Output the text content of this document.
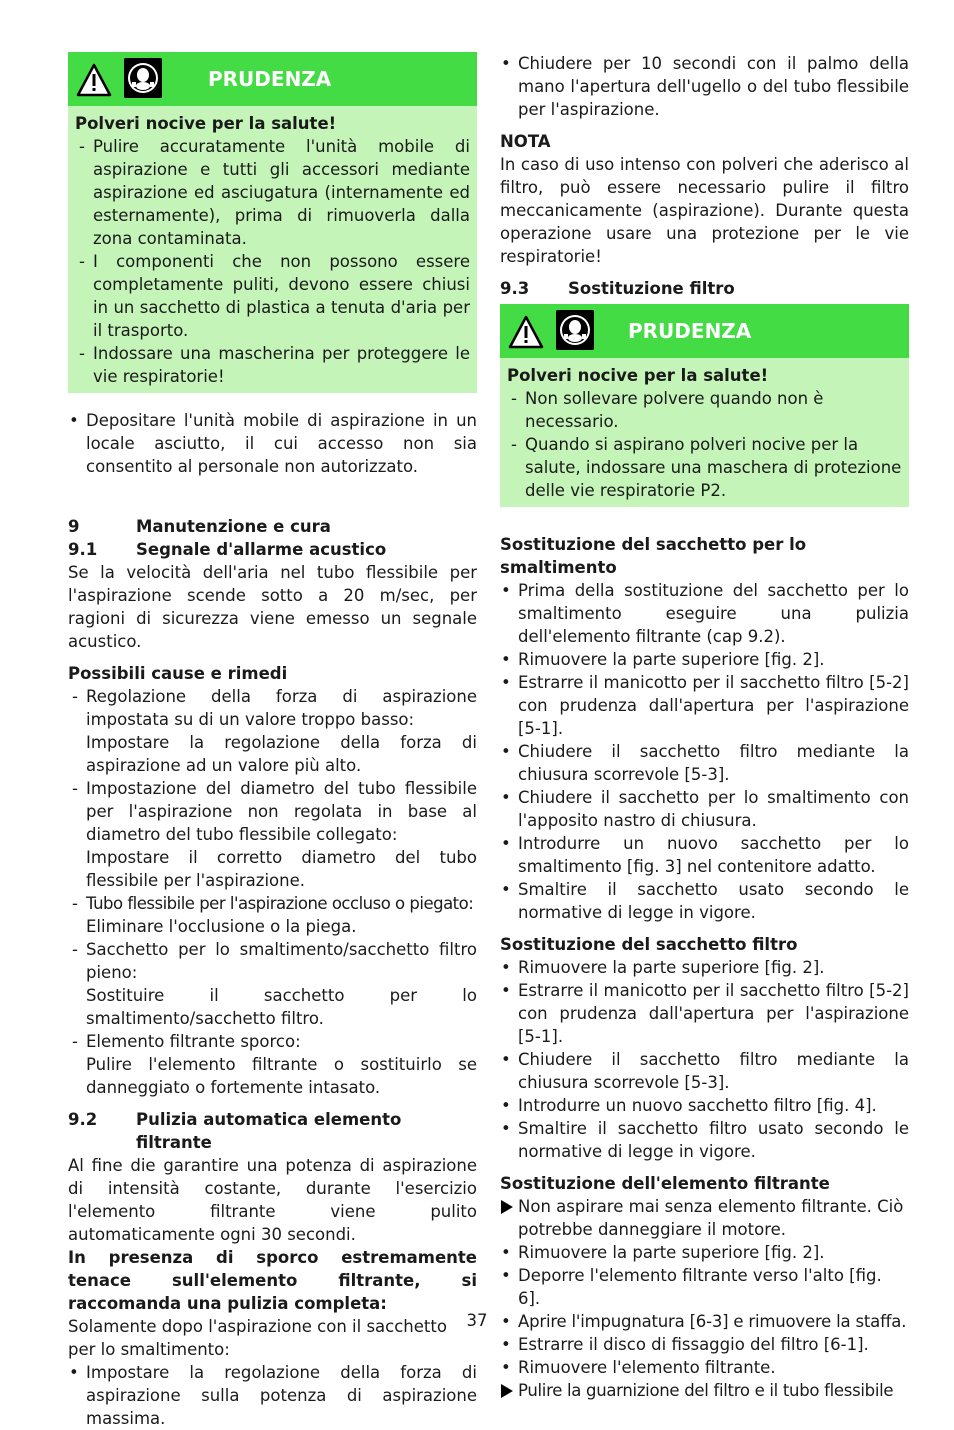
PRUDENZA

Polveri nocive per la salute!

- Pulire accuratamente l'unità mobile di aspirazione e tutti gli accessori mediante aspirazione ed asciugatura (internamente ed esternamente), prima di rimuoverla dalla zona contaminata.
- I componenti che non possono essere completamente puliti, devono essere chiusi in un sacchetto di plastica a tenuta d'aria per il trasporto.
- Indossare una mascherina per proteggere le vie respiratorie!
• Depositare l'unità mobile di aspirazione in un locale asciutto, il cui accesso non sia consentito al personale non autorizzato.
9	Manutenzione e cura
9.1	Segnale d'allarme acustico

Se la velocità dell'aria nel tubo flessibile per l'aspirazione scende sotto a 20 m/sec, per ragioni di sicurezza viene emesso un segnale acustico.

Possibili cause e rimedi

- Regolazione della forza di aspirazione impostata su di un valore troppo basso:
Impostare la regolazione della forza di aspirazione ad un valore più alto.
- Impostazione del diametro del tubo flessibile per l'aspirazione non regolata in base al diametro del tubo flessibile collegato:
Impostare il corretto diametro del tubo flessibile per l'aspirazione.
- Tubo flessibile per l'aspirazione occluso o piegato:
Eliminare l'occlusione o la piega.
- Sacchetto per lo smaltimento/sacchetto filtro pieno:
Sostituire il sacchetto per lo smaltimento/sacchetto filtro.
- Elemento filtrante sporco:
Pulire l'elemento filtrante o sostituirlo se danneggiato o fortemente intasato.
9.2	Pulizia automatica elemento filtrante

Al fine die garantire una potenza di aspirazione di intensità costante, durante l'esercizio l'elemento filtrante viene pulito automaticamente ogni 30 secondi.

In presenza di sporco estremamente tenace sull'elemento filtrante, si raccomanda una pulizia completa:

Solamente dopo l'aspirazione con il sacchetto per lo smaltimento:

• Impostare la regolazione della forza di aspirazione sulla potenza di aspirazione massima.
• Chiudere per 10 secondi con il palmo della mano l'apertura dell'ugello o del tubo flessibile per l'aspirazione.

NOTA

In caso di uso intenso con polveri che aderisco al filtro, può essere necessario pulire il filtro meccanicamente (aspirazione). Durante questa operazione usare una protezione per le vie respiratorie!

9.3	Sostituzione filtro
PRUDENZA

Polveri nocive per la salute!

- Non sollevare polvere quando non è necessario.
- Quando si aspirano polveri nocive per la salute, indossare una maschera di protezione delle vie respiratorie P2.

Sostituzione del sacchetto per lo smaltimento

• Prima della sostituzione del sacchetto per lo smaltimento eseguire una pulizia dell'elemento filtrante (cap 9.2).
• Rimuovere la parte superiore [fig. 2].
• Estrarre il manicotto per il sacchetto filtro [5-2] con prudenza dall'apertura per l'aspirazione [5-1].
• Chiudere il sacchetto filtro mediante la chiusura scorrevole [5-3].
• Chiudere il sacchetto per lo smaltimento con l'apposito nastro di chiusura.
• Introdurre un nuovo sacchetto per lo smaltimento [fig. 3] nel contenitore adatto.
• Smaltire il sacchetto usato secondo le normative di legge in vigore.

Sostituzione del sacchetto filtro

• Rimuovere la parte superiore [fig. 2].
• Estrarre il manicotto per il sacchetto filtro [5-2] con prudenza dall'apertura per l'aspirazione [5-1].
• Chiudere il sacchetto filtro mediante la chiusura scorrevole [5-3].
• Introdurre un nuovo sacchetto filtro [fig. 4].
• Smaltire il sacchetto filtro usato secondo le normative di legge in vigore.

Sostituzione dell'elemento filtrante

Non aspirare mai senza elemento filtrante. Ciò potrebbe danneggiare il motore.
• Rimuovere la parte superiore [fig. 2].
• Deporre l'elemento filtrante verso l'alto [fig. 6].
• Aprire l'impugnatura [6-3] e rimuovere la staffa.
• Estrarre il disco di fissaggio del filtro [6-1].
• Rimuovere l'elemento filtrante.
Pulire la guarnizione del filtro e il tubo flessibile
37
